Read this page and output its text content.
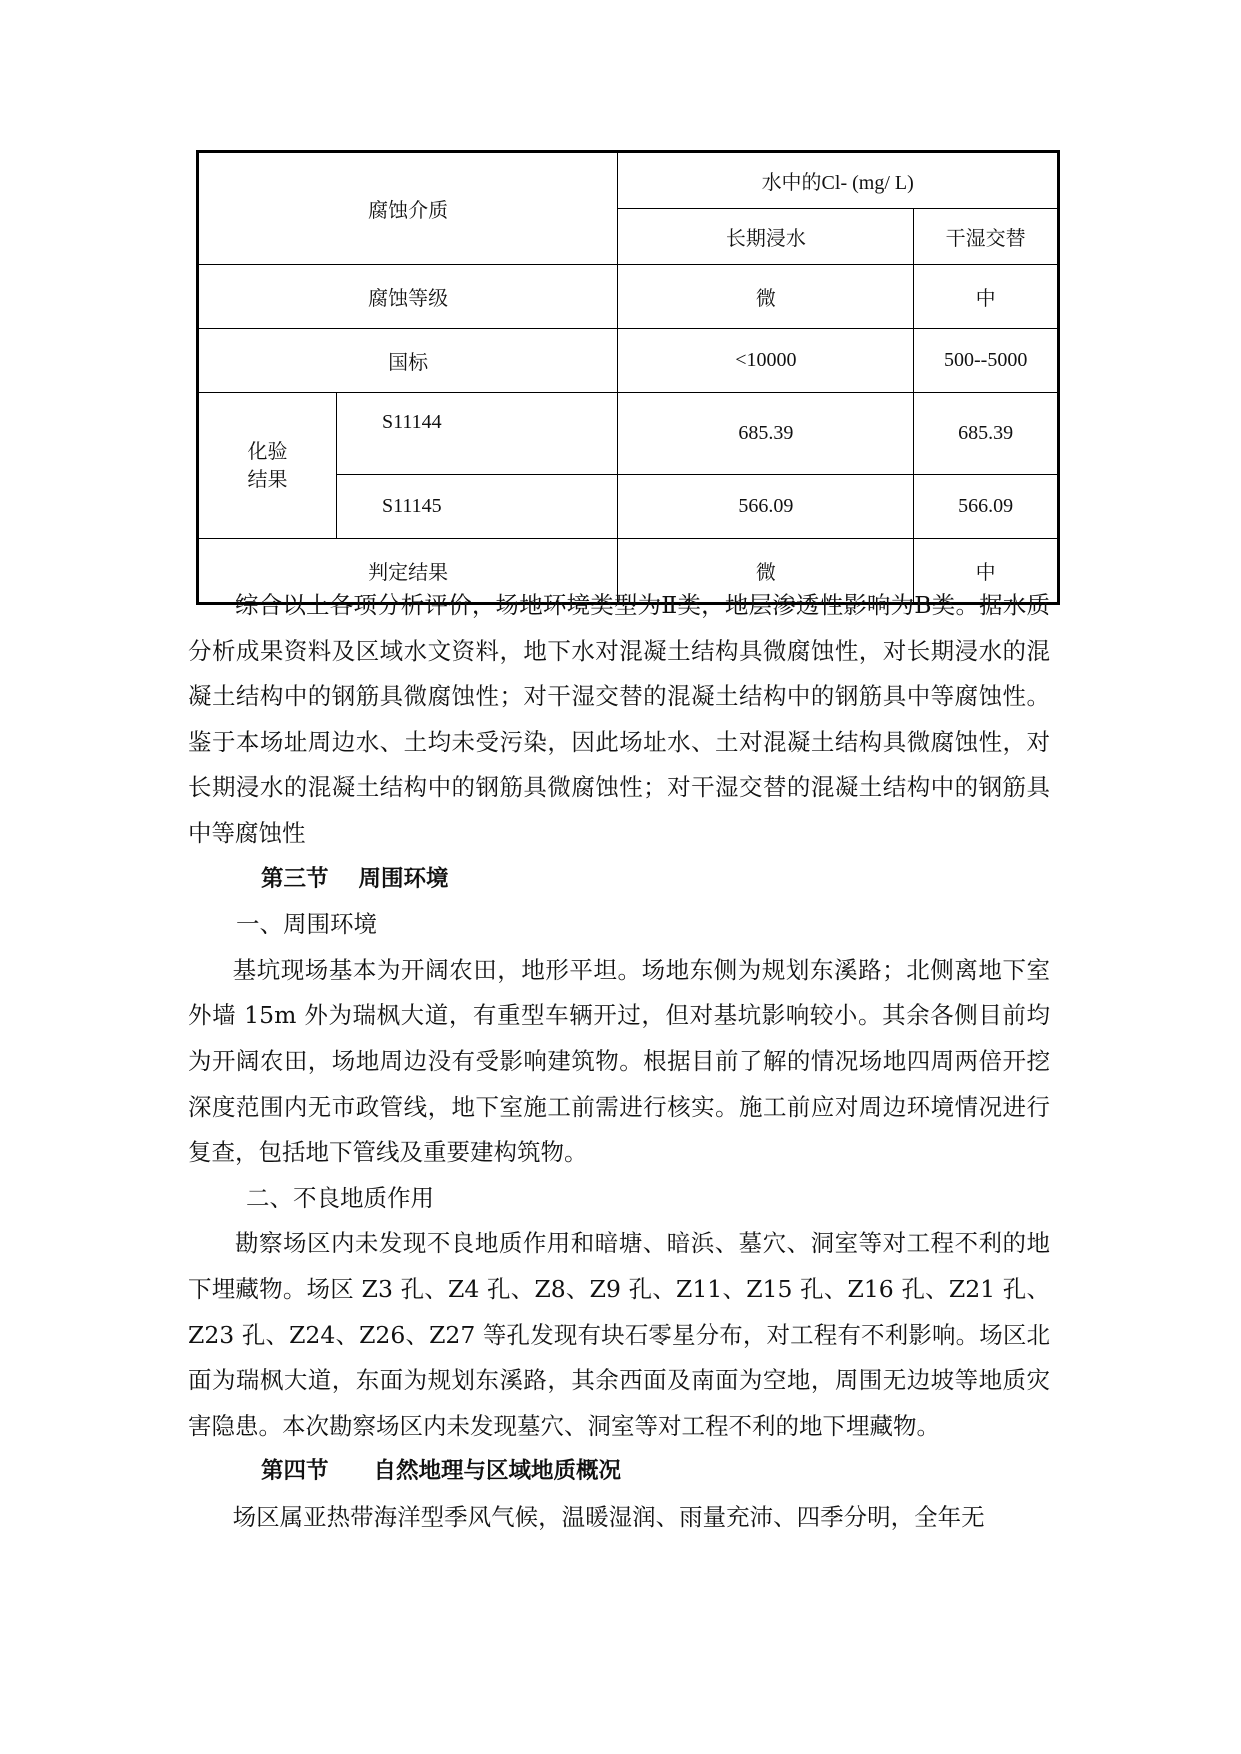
腐蚀介质		水中的Cl- (mg/ L)	
		长期浸水	干湿交替
腐蚀等级		微	中
国标		<10000	500--5000

化验
结果	S11144	685.39	685.39
	S11145	566.09	566.09
判定结果		微	中

综合以上各项分析评价，场地环境类型为Ⅱ类，地层渗透性影响为B类。据水质分析成果资料及区域水文资料，地下水对混凝土结构具微腐蚀性，对长期浸水的混凝土结构中的钢筋具微腐蚀性；对干湿交替的混凝土结构中的钢筋具中等腐蚀性。鉴于本场址周边水、土均未受污染，因此场址水、土对混凝土结构具微腐蚀性，对长期浸水的混凝土结构中的钢筋具微腐蚀性；对干湿交替的混凝土结构中的钢筋具中等腐蚀性

第三节 周围环境

一、周围环境

基坑现场基本为开阔农田，地形平坦。场地东侧为规划东溪路；北侧离地下室外墙 15m 外为瑞枫大道，有重型车辆开过，但对基坑影响较小。其余各侧目前均为开阔农田，场地周边没有受影响建筑物。根据目前了解的情况场地四周两倍开挖深度范围内无市政管线，地下室施工前需进行核实。施工前应对周边环境情况进行复查，包括地下管线及重要建构筑物。

二、不良地质作用

勘察场区内未发现不良地质作用和暗塘、暗浜、墓穴、洞室等对工程不利的地下埋藏物。场区 Z3 孔、Z4 孔、Z8、Z9 孔、Z11、Z15 孔、Z16 孔、Z21 孔、Z23 孔、Z24、Z26、Z27 等孔发现有块石零星分布，对工程有不利影响。场区北面为瑞枫大道，东面为规划东溪路，其余西面及南面为空地，周围无边坡等地质灾害隐患。本次勘察场区内未发现墓穴、洞室等对工程不利的地下埋藏物。

第四节 自然地理与区域地质概况

场区属亚热带海洋型季风气候，温暖湿润、雨量充沛、四季分明，全年无
